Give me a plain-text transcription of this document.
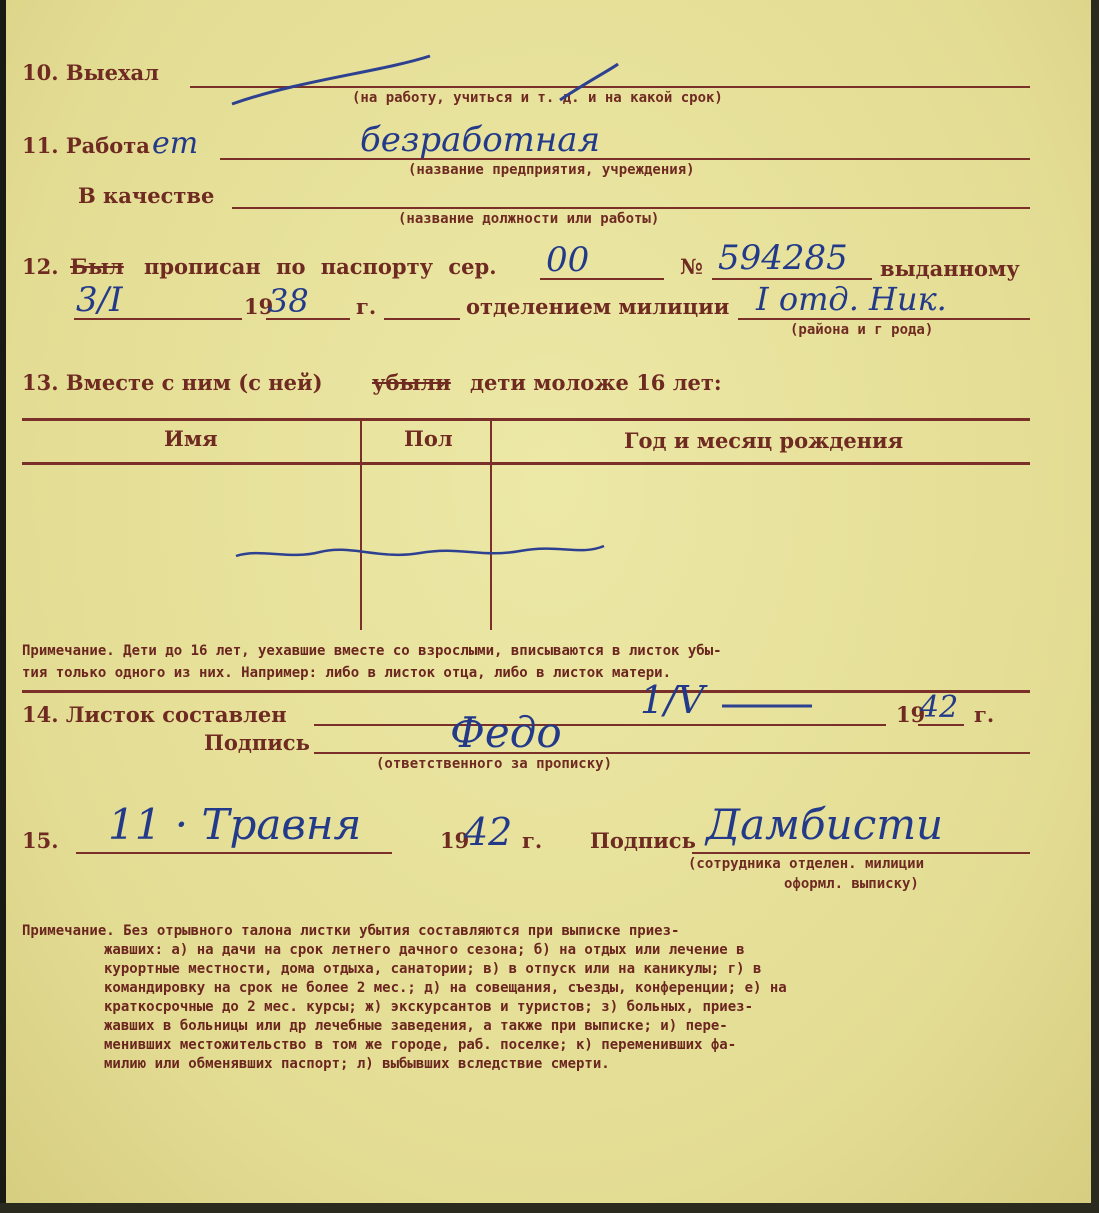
10. Выехал
(на работу, учиться и т. д. и на какой срок)
11. Работа ет	безработная
(название предприятия, учреждения)
В качестве
(название должности или работы)
12. Был прописан по паспорту сер. 00	№ 594285 выданному
3/I	19
38 г.	отделением милиции I отд. Ник.
(района и г рода)
13. Вместе с ним (с ней) убыли дети моложе 16 лет:
Имя	Пол	Год и месяц рождения
Примечание. Дети до 16 лет, уехавшие вместе со взрослыми, вписываются в листок убы-
тия только одного из них. Например: либо в листок отца, либо в листок матери.
14. Листок составлен	1/V	19
42 г.
Подпись	Федо
(ответственного за прописку)
15. 11 · Травня	19
42 г. Подпись Дамбисти
(сотрудника отделен. милиции
оформл. выписку)
Примечание. Без отрывного талона листки убытия составляются при выписке приез-
жавших: а) на дачи на срок летнего дачного сезона; б) на отдых или лечение в
курортные местности, дома отдыха, санатории; в) в отпуск или на каникулы; г) в
командировку на срок не более 2 мес.; д) на совещания, съезды, конференции; е) на
краткосрочные до 2 мес. курсы; ж) экскурсантов и туристов; з) больных, приез-
жавших в больницы или др лечебные заведения, а также при выписке; и) пере-
менивших местожительство в том же городе, раб. поселке; к) переменивших фа-
милию или обменявших паспорт; л) выбывших вследствие смерти.
